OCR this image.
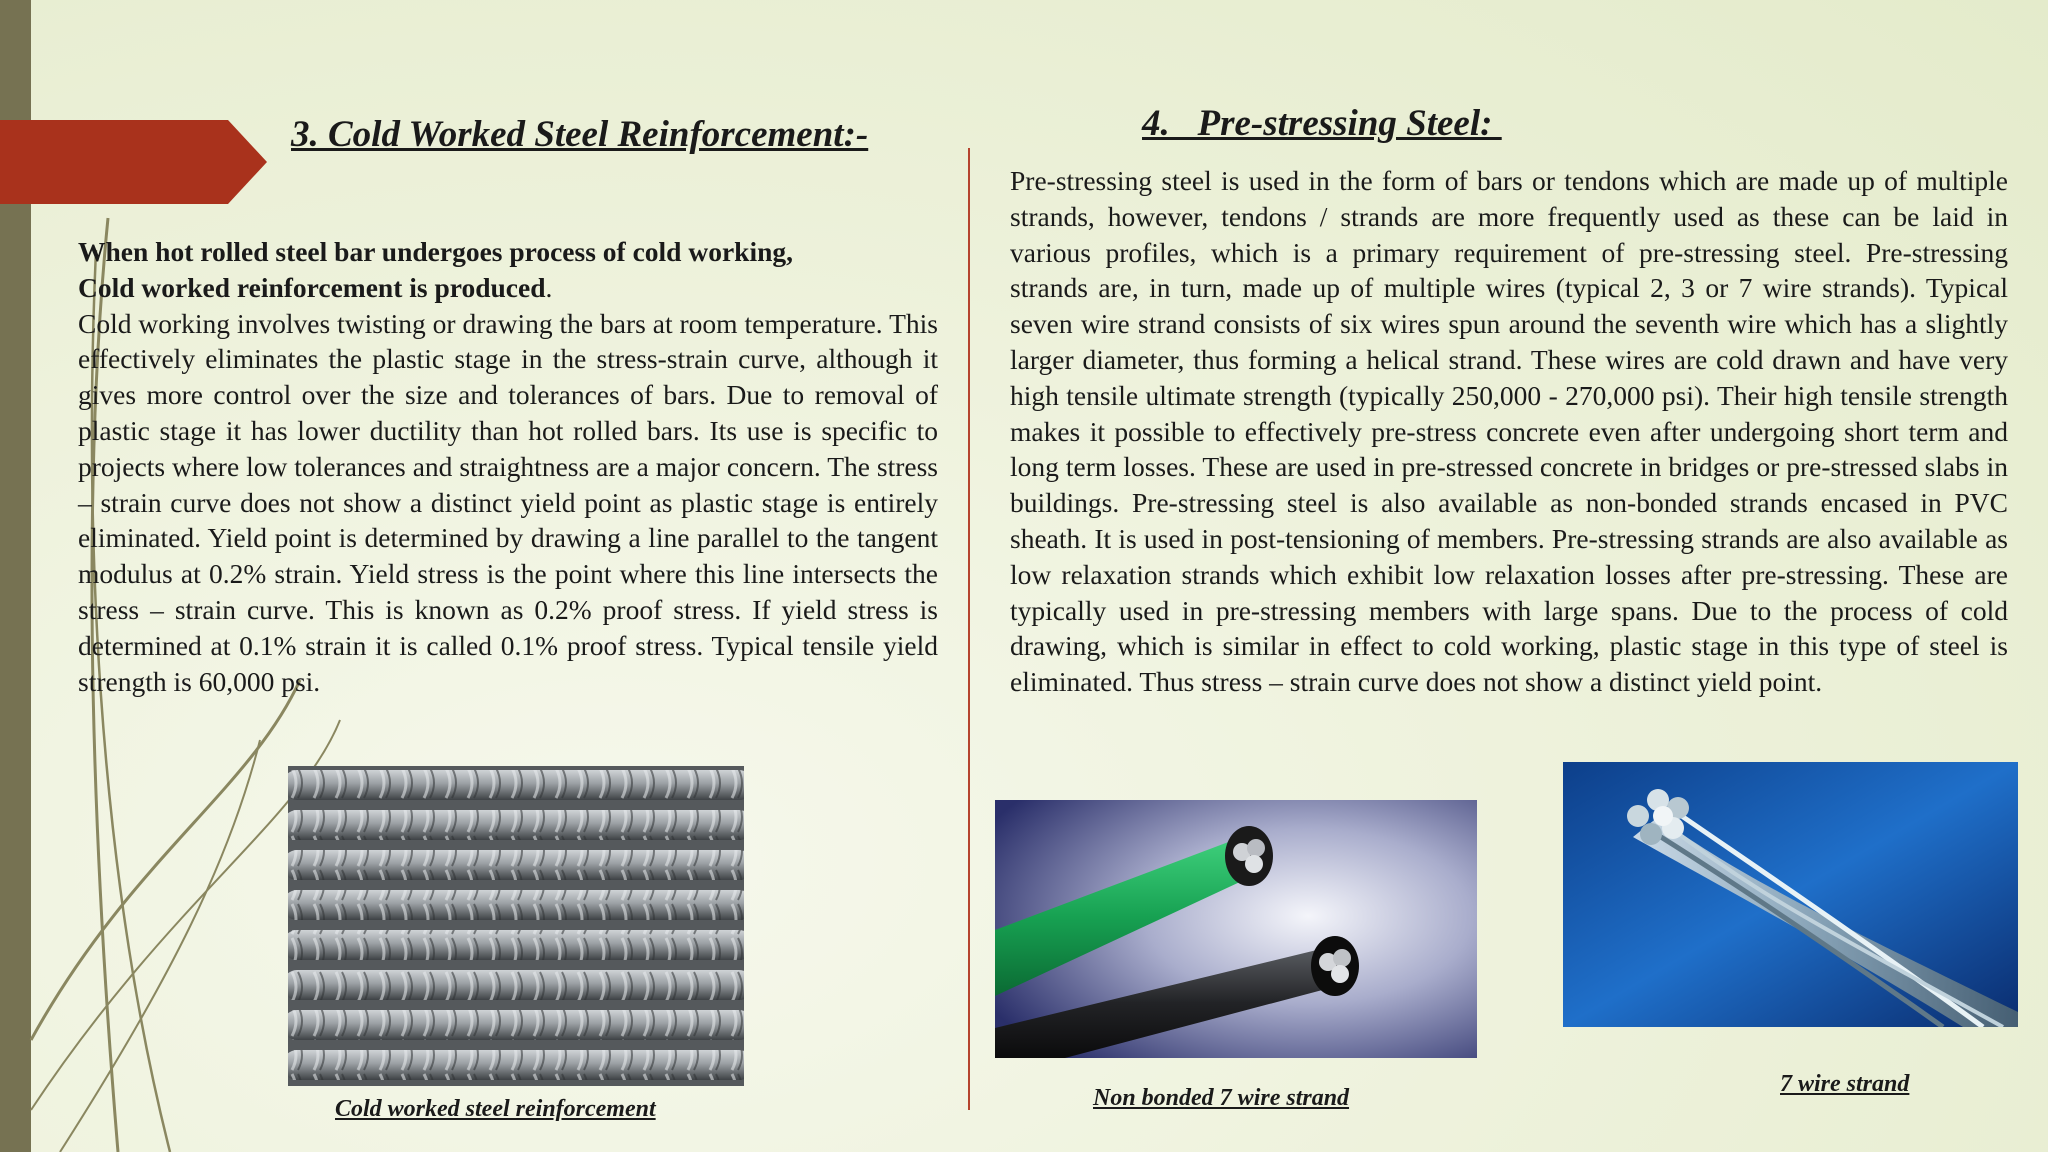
3. Cold Worked Steel Reinforcement:-	4.   Pre-stressing Steel:

When hot rolled steel bar undergoes process of cold working,
Cold worked reinforcement is produced.
Cold working involves twisting or drawing the bars at room temperature. This effectively eliminates the plastic stage in the stress-strain curve, although it gives more control over the size and tolerances of bars. Due to removal of plastic stage it has lower ductility than hot rolled bars. Its use is specific to projects where low tolerances and straightness are a major concern. The stress – strain curve does not show a distinct yield point as plastic stage is entirely eliminated. Yield point is determined by drawing a line parallel to the tangent modulus at 0.2% strain. Yield stress is the point where this line intersects the stress – strain curve. This is known as 0.2% proof stress. If yield stress is determined at 0.1% strain it is called 0.1% proof stress. Typical tensile yield strength is 60,000 psi.

Pre-stressing steel is used in the form of bars or tendons which are made up of multiple strands, however, tendons / strands are more frequently used as these can be laid in various profiles, which is a primary requirement of pre-stressing steel. Pre-stressing strands are, in turn, made up of multiple wires (typical 2, 3 or 7 wire strands). Typical seven wire strand consists of six wires spun around the seventh wire which has a slightly larger diameter, thus forming a helical strand. These wires are cold drawn and have very high tensile ultimate strength (typically 250,000 - 270,000 psi). Their high tensile strength makes it possible to effectively pre-stress concrete even after undergoing short term and long term losses. These are used in pre-stressed concrete in bridges or pre-stressed slabs in buildings. Pre-stressing steel is also available as non-bonded strands encased in PVC sheath. It is used in post-tensioning of members. Pre-stressing strands are also available as low relaxation strands which exhibit low relaxation losses after pre-stressing. These are typically used in pre-stressing members with large spans. Due to the process of cold drawing, which is similar in effect to cold working, plastic stage in this type of steel is eliminated. Thus stress – strain curve does not show a distinct yield point.

Cold worked steel reinforcement	Non bonded 7 wire strand

7 wire strand
